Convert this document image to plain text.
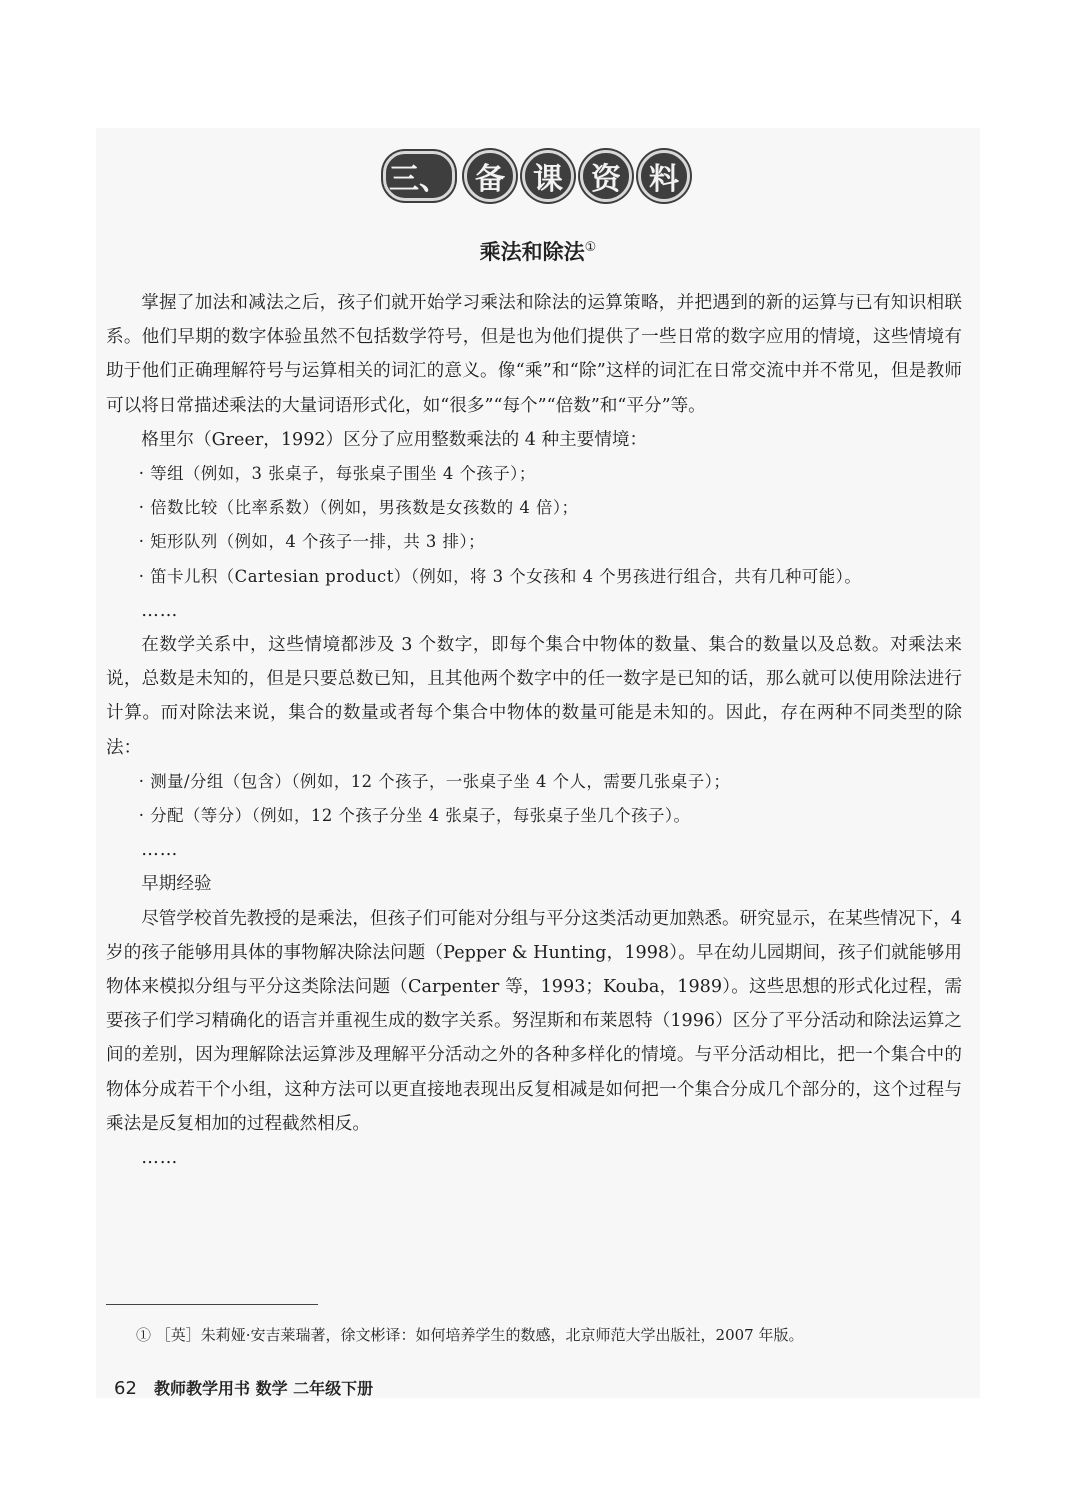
三、 备 课 资 料
乘法和除法①

掌握了加法和减法之后，孩子们就开始学习乘法和除法的运算策略，并把遇到的新的运算与已有知识相联系。他们早期的数字体验虽然不包括数学符号，但是也为他们提供了一些日常的数字应用的情境，这些情境有助于他们正确理解符号与运算相关的词汇的意义。像“乘”和“除”这样的词汇在日常交流中并不常见，但是教师可以将日常描述乘法的大量词语形式化，如“很多”“每个”“倍数”和“平分”等。

格里尔（Greer，1992）区分了应用整数乘法的 4 种主要情境：

· 等组（例如，3 张桌子，每张桌子围坐 4 个孩子）；

· 倍数比较（比率系数）（例如，男孩数是女孩数的 4 倍）；

· 矩形队列（例如，4 个孩子一排，共 3 排）；

· 笛卡儿积（Cartesian product）（例如，将 3 个女孩和 4 个男孩进行组合，共有几种可能）。

……

在数学关系中，这些情境都涉及 3 个数字，即每个集合中物体的数量、集合的数量以及总数。对乘法来说，总数是未知的，但是只要总数已知，且其他两个数字中的任一数字是已知的话，那么就可以使用除法进行计算。而对除法来说，集合的数量或者每个集合中物体的数量可能是未知的。因此，存在两种不同类型的除法：

· 测量/分组（包含）（例如，12 个孩子，一张桌子坐 4 个人，需要几张桌子）；

· 分配（等分）（例如，12 个孩子分坐 4 张桌子，每张桌子坐几个孩子）。

……

早期经验

尽管学校首先教授的是乘法，但孩子们可能对分组与平分这类活动更加熟悉。研究显示，在某些情况下，4 岁的孩子能够用具体的事物解决除法问题（Pepper & Hunting，1998）。早在幼儿园期间，孩子们就能够用物体来模拟分组与平分这类除法问题（Carpenter 等，1993；Kouba，1989）。这些思想的形式化过程，需要孩子们学习精确化的语言并重视生成的数字关系。努涅斯和布莱恩特（1996）区分了平分活动和除法运算之间的差别，因为理解除法运算涉及理解平分活动之外的各种多样化的情境。与平分活动相比，把一个集合中的物体分成若干个小组，这种方法可以更直接地表现出反复相减是如何把一个集合分成几个部分的，这个过程与乘法是反复相加的过程截然相反。

……

① ［英］朱莉娅·安吉莱瑞著，徐文彬译：如何培养学生的数感，北京师范大学出版社，2007 年版。
62 教师教学用书 数学 二年级下册
